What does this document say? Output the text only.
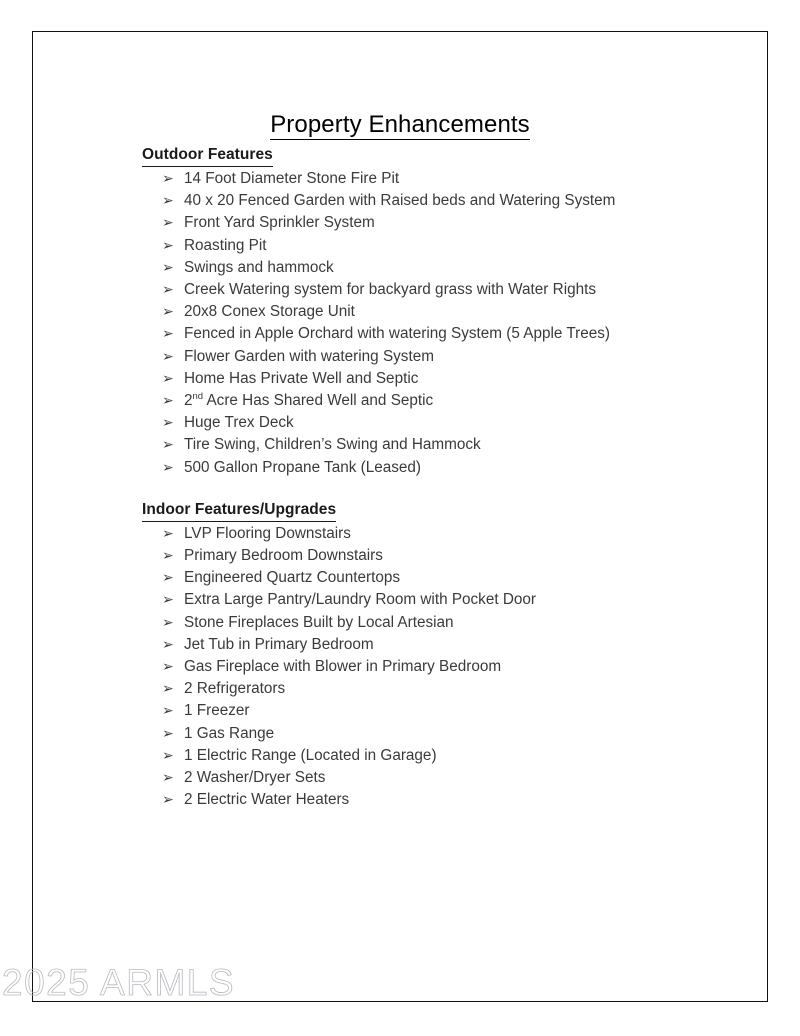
Property Enhancements
Outdoor Features
➢ 14 Foot Diameter Stone Fire Pit
➢ 40 x 20 Fenced Garden with Raised beds and Watering System
➢ Front Yard Sprinkler System
➢ Roasting Pit
➢ Swings and hammock
➢ Creek Watering system for backyard grass with Water Rights
➢ 20x8 Conex Storage Unit
➢ Fenced in Apple Orchard with watering System (5 Apple Trees)
➢ Flower Garden with watering System
➢ Home Has Private Well and Septic
➢ 2nd Acre Has Shared Well and Septic
➢ Huge Trex Deck
➢ Tire Swing, Children’s Swing and Hammock
➢ 500 Gallon Propane Tank (Leased)
Indoor Features/Upgrades
➢ LVP Flooring Downstairs
➢ Primary Bedroom Downstairs
➢ Engineered Quartz Countertops
➢ Extra Large Pantry/Laundry Room with Pocket Door
➢ Stone Fireplaces Built by Local Artesian
➢ Jet Tub in Primary Bedroom
➢ Gas Fireplace with Blower in Primary Bedroom
➢ 2 Refrigerators
➢ 1 Freezer
➢ 1 Gas Range
➢ 1 Electric Range (Located in Garage)
➢ 2 Washer/Dryer Sets
➢ 2 Electric Water Heaters
